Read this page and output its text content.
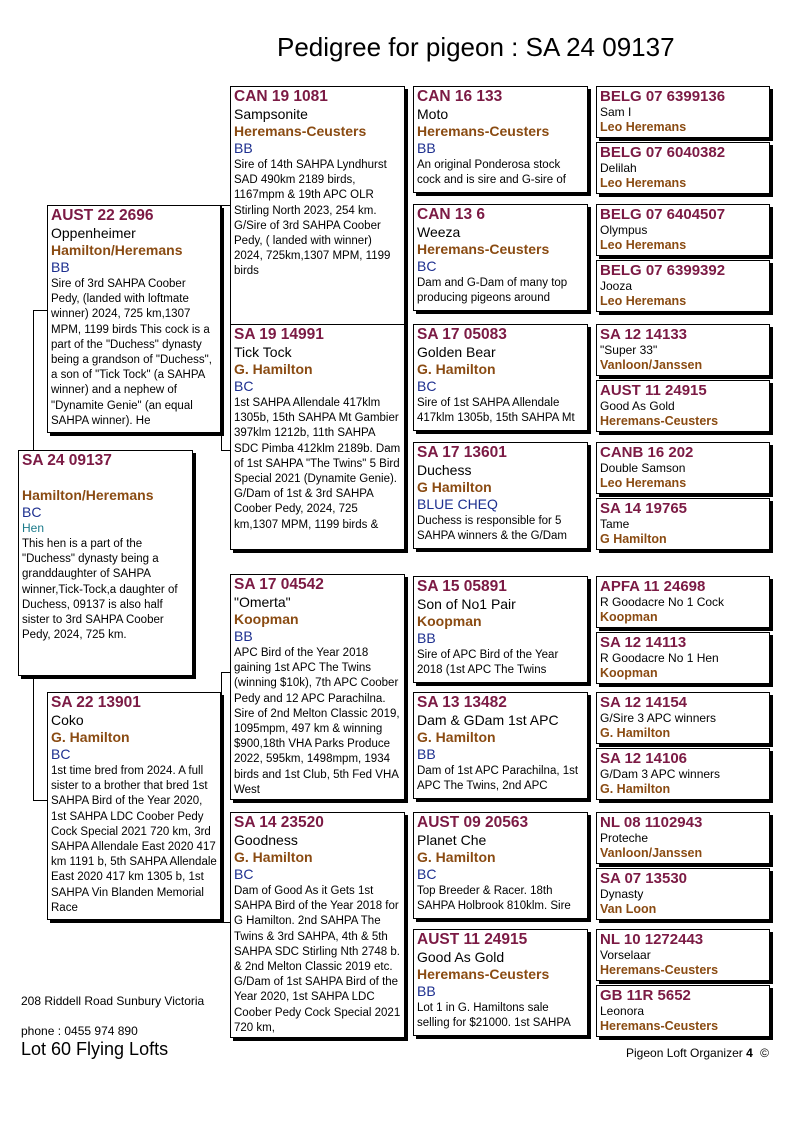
Pedigree for pigeon : SA 24 09137
SA 24 09137
Hamilton/Heremans
BC
Hen
This hen is a part of the "Duchess" dynasty being a granddaughter of SAHPA winner,Tick-Tock,a daughter of Duchess, 09137 is also half sister to 3rd SAHPA Coober Pedy, 2024, 725 km.
AUST 22 2696
Oppenheimer
Hamilton/Heremans
BB
Sire of 3rd SAHPA Coober Pedy, (landed with loftmate winner) 2024, 725 km,1307 MPM, 1199 birds This cock is a part of the "Duchess" dynasty being a grandson of "Duchess", a son of "Tick Tock" (a SAHPA winner) and a nephew of "Dynamite Genie" (an equal SAHPA winner). He
SA 22 13901
Coko
G. Hamilton
BC
1st time bred from 2024. A full sister to a brother that bred 1st SAHPA Bird of the Year 2020, 1st SAHPA LDC Coober Pedy Cock Special 2021 720 km, 3rd SAHPA Allendale East 2020 417 km 1191 b, 5th SAHPA Allendale East 2020 417 km 1305 b, 1st SAHPA Vin Blanden Memorial Race
CAN 19 1081
Sampsonite
Heremans-Ceusters
BB
Sire of 14th SAHPA Lyndhurst SAD 490km 2189 birds, 1167mpm & 19th APC OLR Stirling North 2023, 254 km. G/Sire of 3rd SAHPA Coober Pedy, ( landed with winner) 2024, 725km,1307 MPM, 1199 birds
SA 19 14991
Tick Tock
G. Hamilton
BC
1st SAHPA Allendale 417klm 1305b, 15th SAHPA Mt Gambier 397klm 1212b, 11th SAHPA SDC Pimba 412klm 2189b. Dam of 1st SAHPA "The Twins" 5 Bird Special 2021 (Dynamite Genie). G/Dam of 1st & 3rd SAHPA Coober Pedy, 2024, 725 km,1307 MPM, 1199 birds &
SA 17 04542
"Omerta"
Koopman
BB
APC Bird of the Year 2018 gaining 1st APC The Twins (winning $10k), 7th APC Coober Pedy and 12 APC Parachilna. Sire of 2nd Melton Classic 2019, 1095mpm, 497 km & winning $900,18th VHA Parks Produce 2022, 595km, 1498mpm, 1934 birds and 1st Club, 5th Fed VHA West
SA 14 23520
Goodness
G. Hamilton
BC
Dam of Good As it Gets 1st SAHPA Bird of the Year 2018 for G Hamilton. 2nd SAHPA The Twins & 3rd SAHPA, 4th & 5th SAHPA SDC Stirling Nth 2748 b. & 2nd Melton Classic 2019 etc. G/Dam of 1st SAHPA Bird of the Year 2020, 1st SAHPA LDC Coober Pedy Cock Special 2021 720 km,
CAN 16 133
Moto
Heremans-Ceusters
BB
An original Ponderosa stock cock and is sire and G-sire of
CAN 13 6
Weeza
Heremans-Ceusters
BC
Dam and G-Dam of many top producing pigeons around
SA 17 05083
Golden Bear
G. Hamilton
BC
Sire of 1st SAHPA Allendale 417klm 1305b, 15th SAHPA Mt
SA 17 13601
Duchess
G Hamilton
BLUE CHEQ
Duchess is responsible for 5 SAHPA winners & the G/Dam
SA 15 05891
Son of No1 Pair
Koopman
BB
Sire of APC Bird of the Year 2018 (1st APC The Twins
SA 13 13482
Dam & GDam 1st APC
G. Hamilton
BB
Dam of 1st APC Parachilna, 1st APC The Twins, 2nd APC
AUST 09 20563
Planet Che
G. Hamilton
BC
Top Breeder & Racer. 18th SAHPA Holbrook 810klm. Sire
AUST 11 24915
Good As Gold
Heremans-Ceusters
BB
Lot 1 in G. Hamiltons sale selling for $21000. 1st SAHPA
BELG 07 6399136
Sam I
Leo Heremans
BELG 07 6040382
Delilah
Leo Heremans
BELG 07 6404507
Olympus
Leo Heremans
BELG 07 6399392
Jooza
Leo Heremans
SA 12 14133
"Super 33"
Vanloon/Janssen
AUST 11 24915
Good As Gold
Heremans-Ceusters
CANB 16 202
Double Samson
Leo Heremans
SA 14 19765
Tame
G Hamilton
APFA 11 24698
R Goodacre No 1 Cock
Koopman
SA 12 14113
R Goodacre No 1 Hen
Koopman
SA 12 14154
G/Sire 3 APC winners
G. Hamilton
SA 12 14106
G/Dam 3 APC winners
G. Hamilton
NL 08 1102943
Proteche
Vanloon/Janssen
SA 07 13530
Dynasty
Van Loon
NL 10 1272443
Vorselaar
Heremans-Ceusters
GB 11R 5652
Leonora
Heremans-Ceusters
208 Riddell Road Sunbury Victoria
phone : 0455 974 890
Lot 60 Flying Lofts	Pigeon Loft Organizer 4 ©
